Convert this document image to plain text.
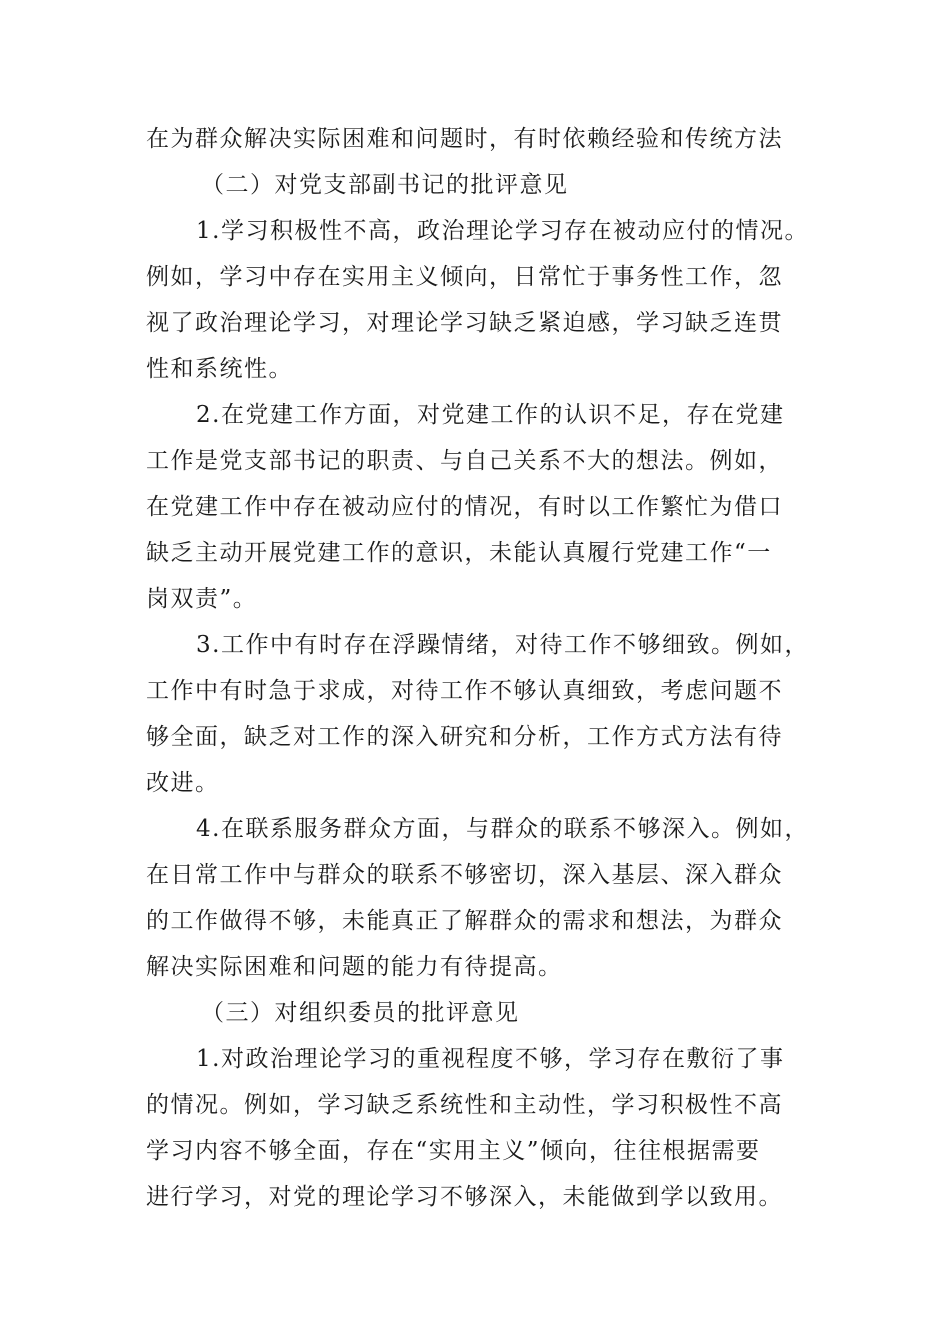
在为群众解决实际困难和问题时，有时依赖经验和传统方法
（二）对党支部副书记的批评意见
1.学习积极性不高，政治理论学习存在被动应付的情况。
例如，学习中存在实用主义倾向，日常忙于事务性工作，忽
视了政治理论学习，对理论学习缺乏紧迫感，学习缺乏连贯
性和系统性。
2.在党建工作方面，对党建工作的认识不足，存在党建
工作是党支部书记的职责、与自己关系不大的想法。例如，
在党建工作中存在被动应付的情况，有时以工作繁忙为借口
缺乏主动开展党建工作的意识，未能认真履行党建工作“一
岗双责”。
3.工作中有时存在浮躁情绪，对待工作不够细致。例如，
工作中有时急于求成，对待工作不够认真细致，考虑问题不
够全面，缺乏对工作的深入研究和分析，工作方式方法有待
改进。
4.在联系服务群众方面，与群众的联系不够深入。例如，
在日常工作中与群众的联系不够密切，深入基层、深入群众
的工作做得不够，未能真正了解群众的需求和想法，为群众
解决实际困难和问题的能力有待提高。
（三）对组织委员的批评意见
1.对政治理论学习的重视程度不够，学习存在敷衍了事
的情况。例如，学习缺乏系统性和主动性，学习积极性不高
学习内容不够全面，存在“实用主义”倾向，往往根据需要
进行学习，对党的理论学习不够深入，未能做到学以致用。
